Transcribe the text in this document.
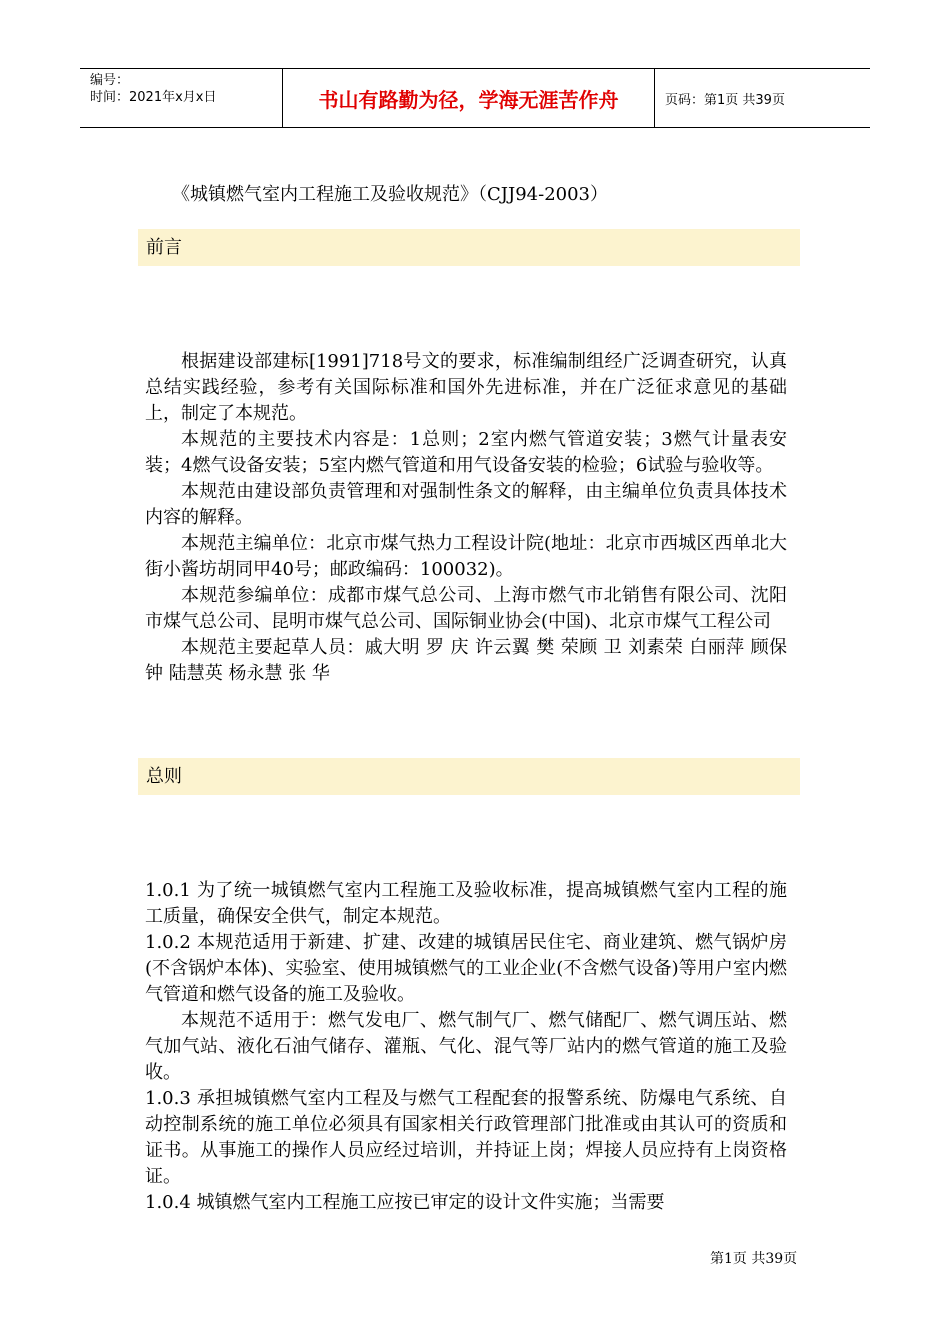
编号：
时间：2021年x月x日	书山有路勤为径，学海无涯苦作舟	页码：第1页 共39页
《城镇燃气室内工程施工及验收规范》（CJJ94-2003）
前言

根据建设部建标[1991]718号文的要求，标准编制组经广泛调查研究，认真总结实践经验，参考有关国际标准和国外先进标准，并在广泛征求意见的基础上，制定了本规范。

本规范的主要技术内容是：1总则；2室内燃气管道安装；3燃气计量表安装；4燃气设备安装；5室内燃气管道和用气设备安装的检验；6试验与验收等。

本规范由建设部负责管理和对强制性条文的解释，由主编单位负责具体技术内容的解释。

本规范主编单位：北京市煤气热力工程设计院(地址：北京市西城区西单北大街小酱坊胡同甲40号；邮政编码：100032)。

本规范参编单位：成都市煤气总公司、上海市燃气市北销售有限公司、沈阳市煤气总公司、昆明市煤气总公司、国际铜业协会(中国)、北京市煤气工程公司

本规范主要起草人员：戚大明 罗 庆 许云翼 樊 荣顾 卫 刘素荣 白丽萍 顾保钟 陆慧英 杨永慧 张 华

总则

1.0.1 为了统一城镇燃气室内工程施工及验收标准，提高城镇燃气室内工程的施工质量，确保安全供气，制定本规范。

1.0.2 本规范适用于新建、扩建、改建的城镇居民住宅、商业建筑、燃气锅炉房(不含锅炉本体)、实验室、使用城镇燃气的工业企业(不含燃气设备)等用户室内燃气管道和燃气设备的施工及验收。

本规范不适用于：燃气发电厂、燃气制气厂、燃气储配厂、燃气调压站、燃气加气站、液化石油气储存、灌瓶、气化、混气等厂站内的燃气管道的施工及验收。

1.0.3 承担城镇燃气室内工程及与燃气工程配套的报警系统、防爆电气系统、自动控制系统的施工单位必须具有国家相关行政管理部门批准或由其认可的资质和证书。从事施工的操作人员应经过培训，并持证上岗；焊接人员应持有上岗资格证。

1.0.4 城镇燃气室内工程施工应按已审定的设计文件实施；当需要

第1页 共39页
